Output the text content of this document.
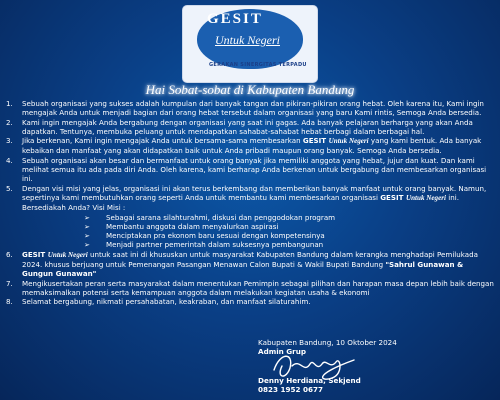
GESIT
Untuk Negeri
GERAKAN SINERGITAS TERPADU
Hai Sobat-sobat di Kabupaten Bandung
1.	Sebuah organisasi yang sukses adalah kumpulan dari banyak tangan dan pikiran-pikiran orang hebat. Oleh karena itu, Kami ingin mengajak Anda untuk menjadi bagian dari orang hebat tersebut dalam organisasi yang baru Kami rintis, Semoga Anda bersedia.
2.	Kami ingin mengajak Anda bergabung dengan organisasi yang saat ini gagas. Ada banyak pelajaran berharga yang akan Anda dapatkan. Tentunya, membuka peluang untuk mendapatkan sahabat-sahabat hebat berbagi dalam berbagai hal.
3.	Jika berkenan, Kami ingin mengajak Anda untuk bersama-sama membesarkan GESIT Untuk Negeri yang kami bentuk. Ada banyak kebaikan dan manfaat yang akan didapatkan baik untuk Anda pribadi maupun orang banyak. Semoga Anda bersedia.
4.	Sebuah organisasi akan besar dan bermanfaat untuk orang banyak jika memiliki anggota yang hebat, jujur dan kuat. Dan kami melihat semua itu ada pada diri Anda. Oleh karena, kami berharap Anda berkenan untuk bergabung dan membesarkan organisasi ini.
5.	Dengan visi misi yang jelas, organisasi ini akan terus berkembang dan memberikan banyak manfaat untuk orang banyak. Namun, sepertinya kami membutuhkan orang seperti Anda untuk membantu kami membesarkan organisasi GESIT Untuk Negeri ini. Bersediakah Anda? Visi Misi :
➢	Sebagai sarana silahturahmi, diskusi dan penggodokan program
➢	Membantu anggota dalam menyalurkan aspirasi
➢	Menciptakan pra ekonom baru sesuai dengan kompetensinya
➢	Menjadi partner pemerintah dalam suksesnya pembangunan
6.	GESIT Untuk Negeri untuk saat ini di khususkan untuk masyarakat Kabupaten Bandung dalam kerangka menghadapi Pemilukada 2024. khusus berjuang untuk Pemenangan Pasangan Menawan Calon Bupati & Wakil Bupati Bandung "Sahrul Gunawan & Gungun Gunawan"
7.	Mengikusertakan peran serta masyarakat dalam menentukan Pemimpin sebagai pilihan dan harapan masa depan lebih baik dengan memaksimalkan potensi serta kemampuan anggota dalam melakukan kegiatan usaha & ekonomi
8.	Selamat bergabung, nikmati persahabatan, keakraban, dan manfaat silaturahim.
Kabupaten Bandung, 10 Oktober 2024
Admin Grup
Denny Herdiana, Sekjend
0823 1952 0677
